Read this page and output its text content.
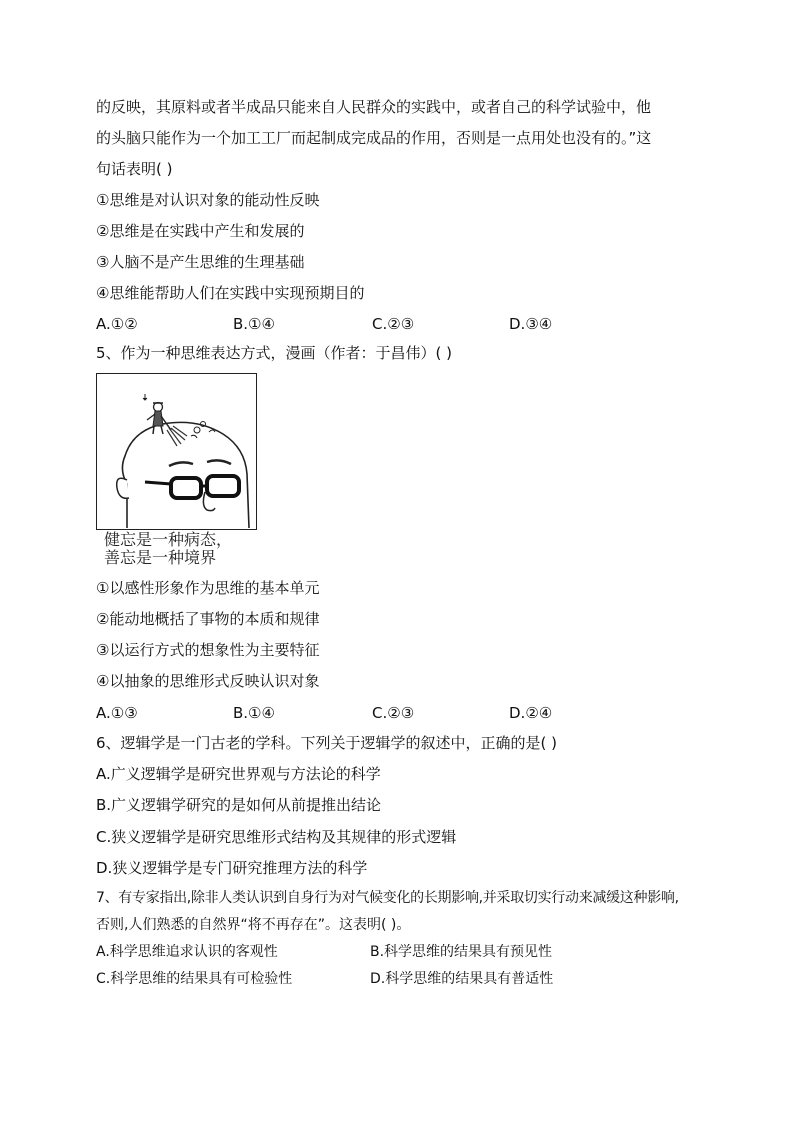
的反映，其原料或者半成品只能来自人民群众的实践中，或者自己的科学试验中，他
的头脑只能作为一个加工工厂而起制成完成品的作用，否则是一点用处也没有的。”这
句话表明( )
①思维是对认识对象的能动性反映
②思维是在实践中产生和发展的
③人脑不是产生思维的生理基础
④思维能帮助人们在实践中实现预期目的
A.①②	B.①④	C.②③	D.③④
5、作为一种思维表达方式，漫画（作者：于昌伟）( )
健忘是一种病态，
善忘是一种境界
①以感性形象作为思维的基本单元
②能动地概括了事物的本质和规律
③以运行方式的想象性为主要特征
④以抽象的思维形式反映认识对象
A.①③	B.①④	C.②③	D.②④
6、逻辑学是一门古老的学科。下列关于逻辑学的叙述中，正确的是( )
A.广义逻辑学是研究世界观与方法论的科学
B.广义逻辑学研究的是如何从前提推出结论
C.狭义逻辑学是研究思维形式结构及其规律的形式逻辑
D.狭义逻辑学是专门研究推理方法的科学
7、有专家指出,除非人类认识到自身行为对气候变化的长期影响,并采取切实行动来减缓这种影响,
否则,人们熟悉的自然界“将不再存在”。这表明( )。
A.科学思维追求认识的客观性	B.科学思维的结果具有预见性
C.科学思维的结果具有可检验性	D.科学思维的结果具有普适性
